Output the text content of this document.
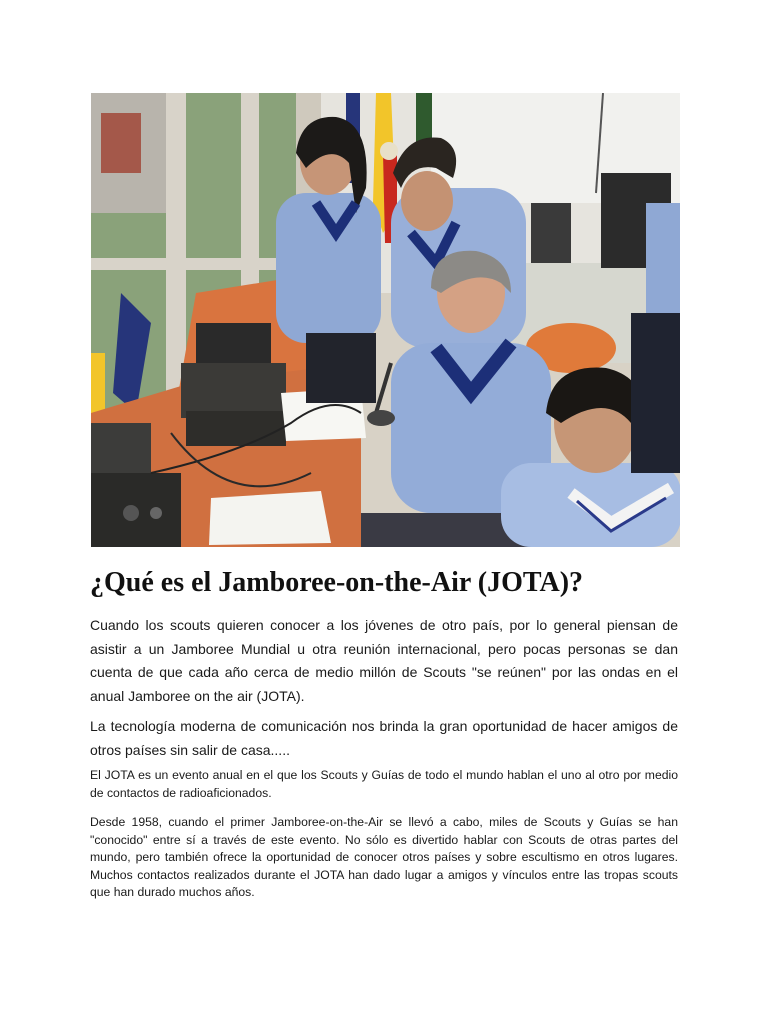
¿Qué es el Jamboree-on-the-Air (JOTA)?

Cuando los scouts quieren conocer a los jóvenes de otro país, por lo general piensan de asistir a un Jamboree Mundial u otra reunión internacional, pero pocas personas se dan cuenta de que cada año cerca de medio millón de Scouts "se reúnen" por las ondas en el anual Jamboree on the air (JOTA).

La tecnología moderna de comunicación nos brinda la gran oportunidad de hacer amigos de otros países sin salir de casa.....

El JOTA es un evento anual en el que los Scouts y Guías de todo el mundo hablan el uno al otro por medio de contactos de radioaficionados.

Desde 1958, cuando el primer Jamboree-on-the-Air se llevó a cabo, miles de Scouts y Guías se han "conocido" entre sí a través de este evento. No sólo es divertido hablar con Scouts de otras partes del mundo, pero también ofrece la oportunidad de conocer otros países y sobre escultismo en otros lugares. Muchos contactos realizados durante el JOTA han dado lugar a amigos y vínculos entre las tropas scouts que han durado muchos años.
